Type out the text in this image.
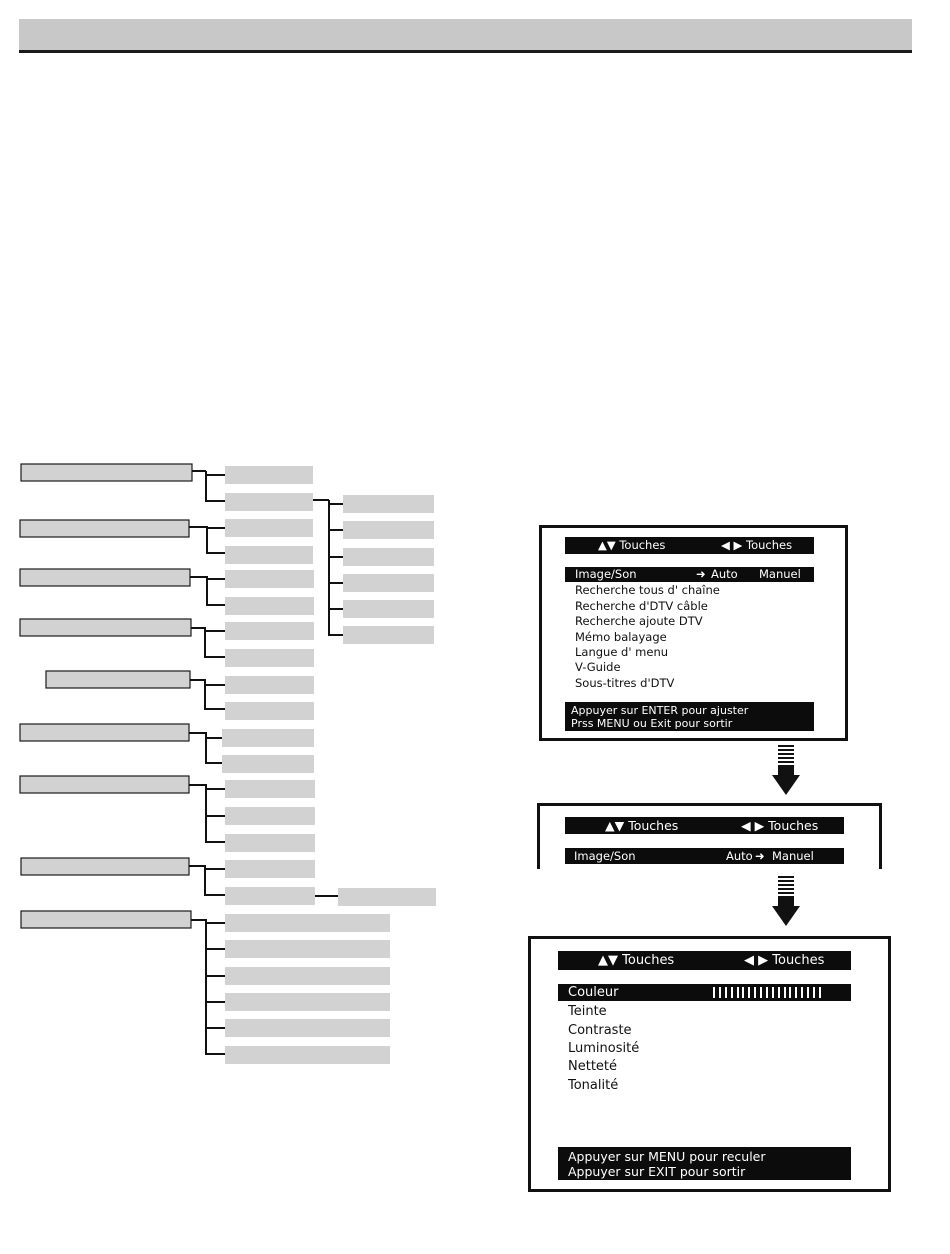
▲▼ Touches	◀ ▶ Touches
Image/Son	➜ Auto Manuel
Recherche tous d' chaîne
Recherche d'DTV câble
Recherche ajoute DTV
Mémo balayage
Langue d' menu
V-Guide
Sous-titres d'DTV
Appuyer sur ENTER pour ajuster
Prss MENU ou Exit pour sortir
▲▼ Touches	◀ ▶ Touches
Image/Son	Auto ➜ Manuel
▲▼ Touches	◀ ▶ Touches
Couleur
Teinte
Contraste
Luminosité
Netteté
Tonalité
Appuyer sur MENU pour reculer
Appuyer sur EXIT pour sortir
